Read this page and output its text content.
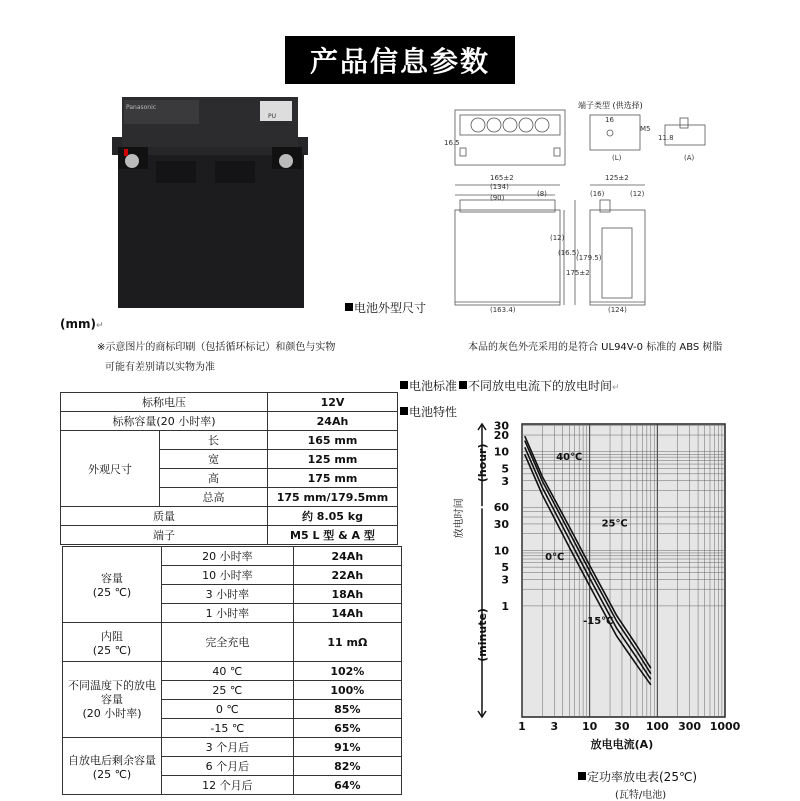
产品信息参数
Panasonic
PU
端子类型 (供选择)
M5
16
16.5
11.8
(L)	(A)
165±2
(134)
(90)	(8)
(163.4)
(12)
(16.5)
175±2
(179.5)
125±2
(16)	(12)
(124)
电池外型尺寸
(mm)↵
※示意图片的商标印刷（包括循环标记）和颜色与实物
可能有差别请以实物为准
本品的灰色外壳采用的是符合 UL94V-0 标准的 ABS 树脂
电池标准 不同放电电流下的放电时间↵
电池特性
标称电压		12V
标称容量(20 小时率)		24Ah
外观尺寸	长	165 mm
	宽	125 mm
	高	175 mm
	总高	175 mm/179.5mm
质量		约 8.05 kg
端子		M5 L 型 & A 型
容量
(25 ℃)	20 小时率	24Ah
	10 小时率	22Ah
	3 小时率	18Ah
	1 小时率	14Ah
内阻
(25 ℃)	完全充电	11 mΩ
不同温度下的放电
容量
(20 小时率)	40 ℃	102%
	25 ℃	100%
	0 ℃	85%
	-15 ℃	65%
自放电后剩余容量
(25 ℃)	3 个月后	91%
	6 个月后	82%
	12 个月后	64%
1 3 10 30 100 300 1000
30
20
10
5
3
60
30
10
5
3
1
(hour)
(minute)
放电时间
放电电流(A)
40℃
25℃
0℃
-15℃
定功率放电表(25℃)
(瓦特/电池)
